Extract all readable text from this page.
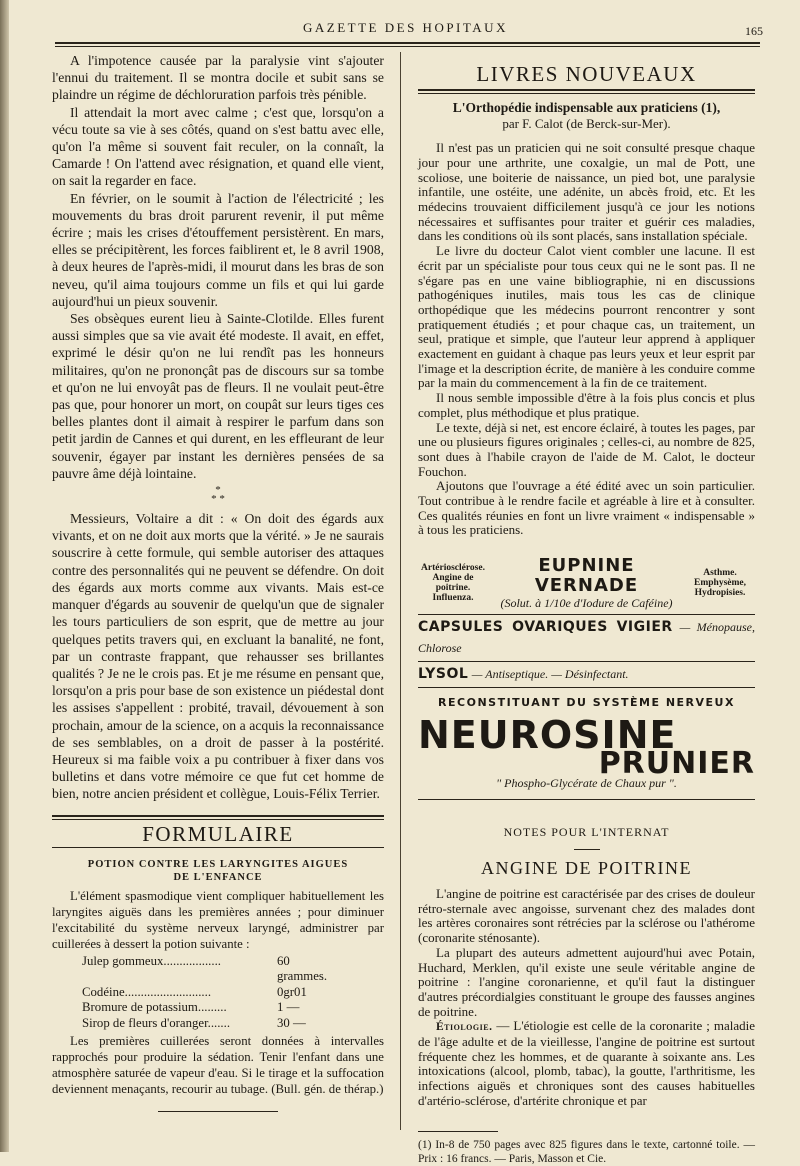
GAZETTE DES HOPITAUX	165

A l'impotence causée par la paralysie vint s'ajouter l'ennui du traitement. Il se montra docile et subit sans se plaindre un régime de déchloruration parfois très pénible.

Il attendait la mort avec calme ; c'est que, lorsqu'on a vécu toute sa vie à ses côtés, quand on s'est battu avec elle, qu'on l'a même si souvent fait reculer, on la connaît, la Camarde ! On l'attend avec résignation, et quand elle vient, on sait la regarder en face.

En février, on le soumit à l'action de l'électricité ; les mouvements du bras droit parurent revenir, il put même écrire ; mais les crises d'étouffement persistèrent. En mars, elles se précipitèrent, les forces faiblirent et, le 8 avril 1908, à deux heures de l'après-midi, il mourut dans les bras de son neveu, qu'il aima toujours comme un fils et qui lui garde aujourd'hui un pieux souvenir.

Ses obsèques eurent lieu à Sainte-Clotilde. Elles furent aussi simples que sa vie avait été modeste. Il avait, en effet, exprimé le désir qu'on ne lui rendît pas les honneurs militaires, qu'on ne prononçât pas de discours sur sa tombe et qu'on ne lui envoyât pas de fleurs. Il ne voulait peut-être pas que, pour honorer un mort, on coupât sur leurs tiges ces belles plantes dont il aimait à respirer le parfum dans son petit jardin de Cannes et qui durent, en les effleurant de leur souvenir, égayer par instant les dernières pensées de sa pauvre âme déjà lointaine.

*
* *

Messieurs, Voltaire a dit : « On doit des égards aux vivants, et on ne doit aux morts que la vérité. » Je ne saurais souscrire à cette formule, qui semble autoriser des attaques contre des personnalités qui ne peuvent se défendre. On doit des égards aux morts comme aux vivants. Mais est-ce manquer d'égards au souvenir de quelqu'un que de signaler les tours particuliers de son esprit, que de mettre au jour quelques petits travers qui, en excluant la banalité, ne font, par un contraste frappant, que rehausser ses brillantes qualités ? Je ne le crois pas. Et je me résume en pensant que, lorsqu'on a pris pour base de son existence un piédestal dont les assises s'appellent : probité, travail, dévouement à son prochain, amour de la science, on a acquis la reconnaissance de ses semblables, on a droit de passer à la postérité. Heureux si ma faible voix a pu contribuer à fixer dans vos bulletins et dans votre mémoire ce que fut cet homme de bien, notre ancien président et collègue, Louis-Félix Terrier.

FORMULAIRE
POTION CONTRE LES LARYNGITES AIGUES
DE L'ENFANCE

L'élément spasmodique vient compliquer habituellement les laryngites aiguës dans les premières années ; pour diminuer l'excitabilité du système nerveux laryngé, administrer par cuillerées à dessert la potion suivante :

Julep gommeux..................	60 grammes.
Codéine...........................	0gr01
Bromure de potassium.........	1 —
Sirop de fleurs d'oranger.......	30 —

Les premières cuillerées seront données à intervalles rapprochés pour produire la sédation. Tenir l'enfant dans une atmosphère saturée de vapeur d'eau. Si le tirage et la suffocation deviennent menaçants, recourir au tubage. (Bull. gén. de thérap.)

LIVRES NOUVEAUX
L'Orthopédie indispensable aux praticiens (1),
par F. Calot (de Berck-sur-Mer).

Il n'est pas un praticien qui ne soit consulté presque chaque jour pour une arthrite, une coxalgie, un mal de Pott, une scoliose, une boiterie de naissance, un pied bot, une paralysie infantile, une ostéite, une adénite, un abcès froid, etc. Et les médecins trouvaient difficilement jusqu'à ce jour les notions nécessaires et suffisantes pour traiter et guérir ces maladies, dans les conditions où ils sont placés, sans installation spéciale.

Le livre du docteur Calot vient combler une lacune. Il est écrit par un spécialiste pour tous ceux qui ne le sont pas. Il ne s'égare pas en une vaine bibliographie, ni en discussions pathogéniques inutiles, mais tous les cas de clinique orthopédique que les médecins pourront rencontrer y sont pratiquement étudiés ; et pour chaque cas, un traitement, un seul, pratique et simple, que l'auteur leur apprend à appliquer exactement en guidant à chaque pas leurs yeux et leur esprit par l'image et la description écrite, de manière à les conduire comme par la main du commencement à la fin de ce traitement.

Il nous semble impossible d'être à la fois plus concis et plus complet, plus méthodique et plus pratique.

Le texte, déjà si net, est encore éclairé, à toutes les pages, par une ou plusieurs figures originales ; celles-ci, au nombre de 825, sont dues à l'habile crayon de l'aide de M. Calot, le docteur Fouchon.

Ajoutons que l'ouvrage a été édité avec un soin particulier. Tout contribue à le rendre facile et agréable à lire et à consulter. Ces qualités réunies en font un livre vraiment « indispensable » à tous les praticiens.

Artériosclérose.
Angine de poitrine.
Influenza.
EUPNINE VERNADE
(Solut. à 1/10e d'Iodure de Caféine)
Asthme.
Emphysème,
Hydropisies.
CAPSULES OVARIQUES VIGIER — Ménopause, Chlorose
LYSOL — Antiseptique. — Désinfectant.
RECONSTITUANT DU SYSTÈME NERVEUX
NEUROSINE
PRUNIER
" Phospho-Glycérate de Chaux pur ".
NOTES POUR L'INTERNAT
ANGINE DE POITRINE

L'angine de poitrine est caractérisée par des crises de douleur rétro-sternale avec angoisse, survenant chez des malades dont les artères coronaires sont rétrécies par la sclérose ou l'athérome (coronarite sténosante).

La plupart des auteurs admettent aujourd'hui avec Potain, Huchard, Merklen, qu'il existe une seule véritable angine de poitrine : l'angine coronarienne, et qu'il faut la distinguer d'autres précordialgies constituant le groupe des fausses angines de poitrine.

Étiologie. — L'étiologie est celle de la coronarite ; maladie de l'âge adulte et de la vieillesse, l'angine de poitrine est surtout fréquente chez les hommes, et de quarante à soixante ans. Les intoxications (alcool, plomb, tabac), la goutte, l'arthritisme, les infections aiguës et chroniques sont des causes habituelles d'artério-sclérose, d'artérite chronique et par

(1) In-8 de 750 pages avec 825 figures dans le texte, cartonné toile. — Prix : 16 francs. — Paris, Masson et Cie.
